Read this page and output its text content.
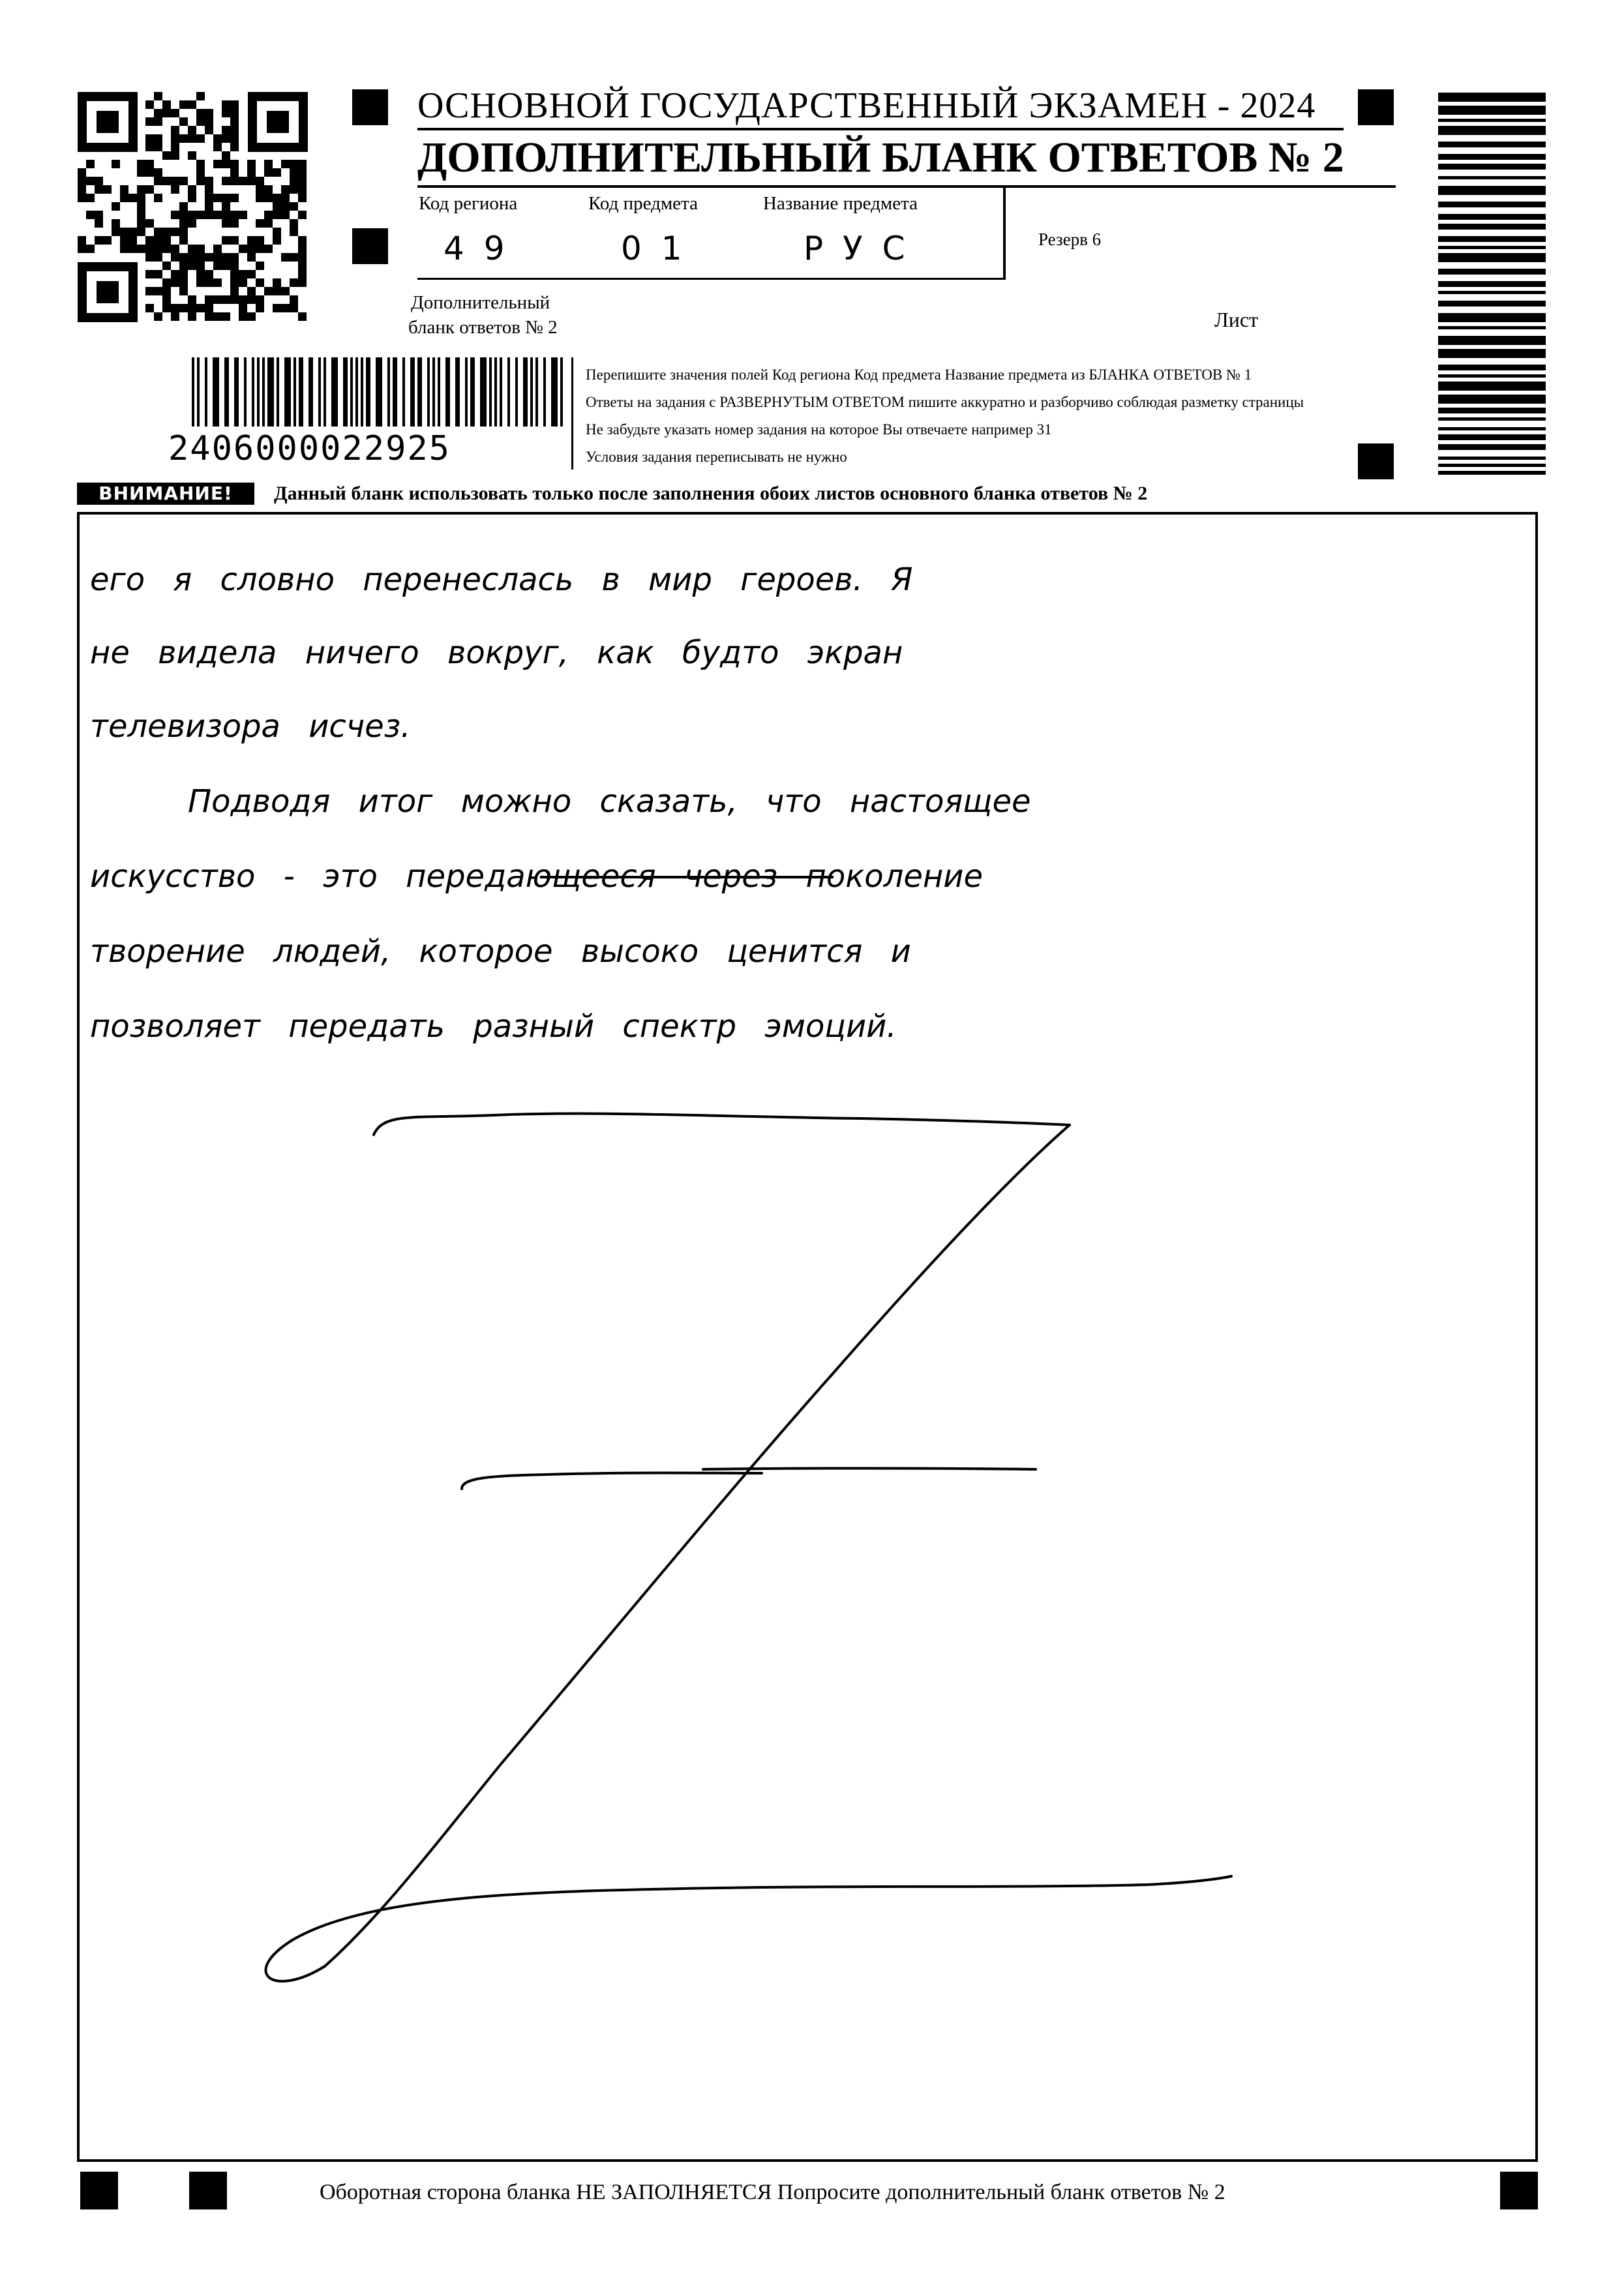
ОСНОВНОЙ ГОСУДАРСТВЕННЫЙ ЭКЗАМЕН - 2024
ДОПОЛНИТЕЛЬНЫЙ БЛАНК ОТВЕТОВ № 2
Код региона	Код предмета	Название предмета
49	01	РУС	Резерв 6
Дополнительный
бланк ответов № 2	Лист
2406000022925
Перепишите значения полей Код региона Код предмета Название предмета из БЛАНКА ОТВЕТОВ № 1
Ответы на задания с РАЗВЕРНУТЫМ ОТВЕТОМ пишите аккуратно и разборчиво соблюдая разметку страницы
Не забудьте указать номер задания на которое Вы отвечаете например 31
Условия задания переписывать не нужно
ВНИМАНИЕ!	Данный бланк использовать только после заполнения обоих листов основного бланка ответов № 2
его я словно перенеслась в мир героев. Я
не видела ничего вокруг, как будто экран
телевизора исчез.
Подводя итог можно сказать, что настоящее
искусство - это передающееся через поколение
творение людей, которое высоко ценится и
позволяет передать разный спектр эмоций.
Оборотная сторона бланка НЕ ЗАПОЛНЯЕТСЯ Попросите дополнительный бланк ответов № 2
